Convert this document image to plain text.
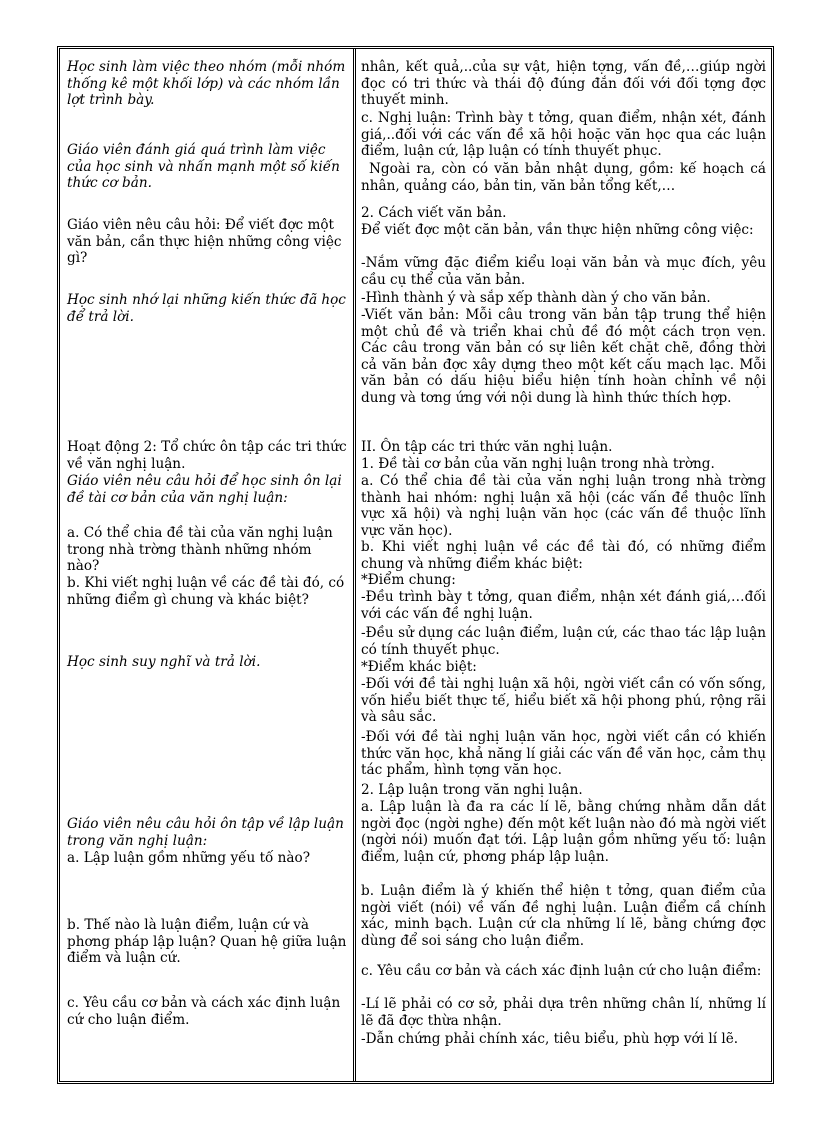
Học sinh làm việc theo nhóm (mỗi nhóm thống kê một khối lớp) và các nhóm lần lợt trình bày.

Giáo viên đánh giá quá trình làm việc của học sinh và nhấn mạnh một số kiến thức cơ bản.

Giáo viên nêu câu hỏi: Để viết đợc một văn bản, cần thực hiện những công việc gì?

Học sinh nhớ lại những kiến thức đã học để trả lời.

Hoạt động 2: Tổ chức ôn tập các tri thức về văn nghị luận.

Giáo viên nêu câu hỏi để học sinh ôn lại đề tài cơ bản của văn nghị luận:

a. Có thể chia đề tài của văn nghị luận trong nhà trờng thành những nhóm nào?

b. Khi viết nghị luận về các đề tài đó, có những điểm gì chung và khác biệt?

Học sinh suy nghĩ và trả lời.

Giáo viên nêu câu hỏi ôn tập về lập luận trong văn nghị luận:

a. Lập luận gồm những yếu tố nào?

b. Thế nào là luận điểm, luận cứ và phơng pháp lập luận? Quan hệ giữa luận điểm và luận cứ.

c. Yêu cầu cơ bản và cách xác định luận cứ cho luận điểm.

nhân, kết quả,..của sự vật, hiện tợng, vấn đề,…giúp ngời đọc có tri thức và thái độ đúng đắn đối với đối tợng đợc thuyết minh.

c. Nghị luận: Trình bày t tởng, quan điểm, nhận xét, đánh giá,..đối với các vấn đề xã hội hoặc văn học qua các luận điểm, luận cứ, lập luận có tính thuyết phục.

Ngoài ra, còn có văn bản nhật dụng, gồm: kế hoạch cá nhân, quảng cáo, bản tin, văn bản tổng kết,…

2. Cách viết văn bản.

Để viết đợc một căn bản, vần thực hiện những công việc:

-Nắm vững đặc điểm kiểu loại văn bản và mục đích, yêu cầu cụ thể của văn bản.

-Hình thành ý và sắp xếp thành dàn ý cho văn bản.

-Viết văn bản: Mỗi câu trong văn bản tập trung thể hiện một chủ đề và triển khai chủ đề đó một cách trọn vẹn. Các câu trong văn bản có sự liên kết chặt chẽ, đồng thời cả văn bản đợc xây dựng theo một kết cấu mạch lạc. Mỗi văn bản có dấu hiệu biểu hiện tính hoàn chỉnh về nội dung và tơng ứng với nội dung là hình thức thích hợp.

II. Ôn tập các tri thức văn nghị luận.

1. Đề tài cơ bản của văn nghị luận trong nhà trờng.

a. Có thể chia đề tài của văn nghị luận trong nhà trờng thành hai nhóm: nghị luận xã hội (các vấn đề thuộc lĩnh vực xã hội) và nghị luận văn học (các vấn đề thuộc lĩnh vực văn học).

b. Khi viết nghị luận về các đề tài đó, có những điểm chung và những điểm khác biệt:

*Điểm chung:

-Đều trình bày t tởng, quan điểm, nhận xét đánh giá,…đối với các vấn đề nghị luận.

-Đều sử dụng các luận điểm, luận cứ, các thao tác lập luận có tính thuyết phục.

*Điểm khác biệt:

-Đối với đề tài nghị luận xã hội, ngời viết cần có vốn sống, vốn hiểu biết thực tế, hiểu biết xã hội phong phú, rộng rãi và sâu sắc.

-Đối với đề tài nghị luận văn học, ngời viết cần có khiến thức văn học, khả năng lí giải các vấn đề văn học, cảm thụ tác phẩm, hình tợng văn học.

2. Lập luận trong văn nghị luận.

a. Lập luận là đa ra các lí lẽ, bằng chứng nhằm dẫn dắt ngời đọc (ngời nghe) đến một kết luận nào đó mà ngời viết (ngời nói) muốn đạt tới. Lập luận gồm những yếu tố: luận điểm, luận cứ, phơng pháp lập luận.

b. Luận điểm là ý khiến thể hiện t tởng, quan điểm của ngời viết (nói) về vấn đề nghị luận. Luận điểm cầ chính xác, minh bạch. Luận cứ cla những lí lẽ, bằng chứng đợc dùng để soi sáng cho luận điểm.

c. Yêu cầu cơ bản và cách xác định luận cứ cho luận điểm:

-Lí lẽ phải có cơ sở, phải dựa trên những chân lí, những lí lẽ đã đợc thừa nhận.

-Dẫn chứng phải chính xác, tiêu biểu, phù hợp với lí lẽ.
